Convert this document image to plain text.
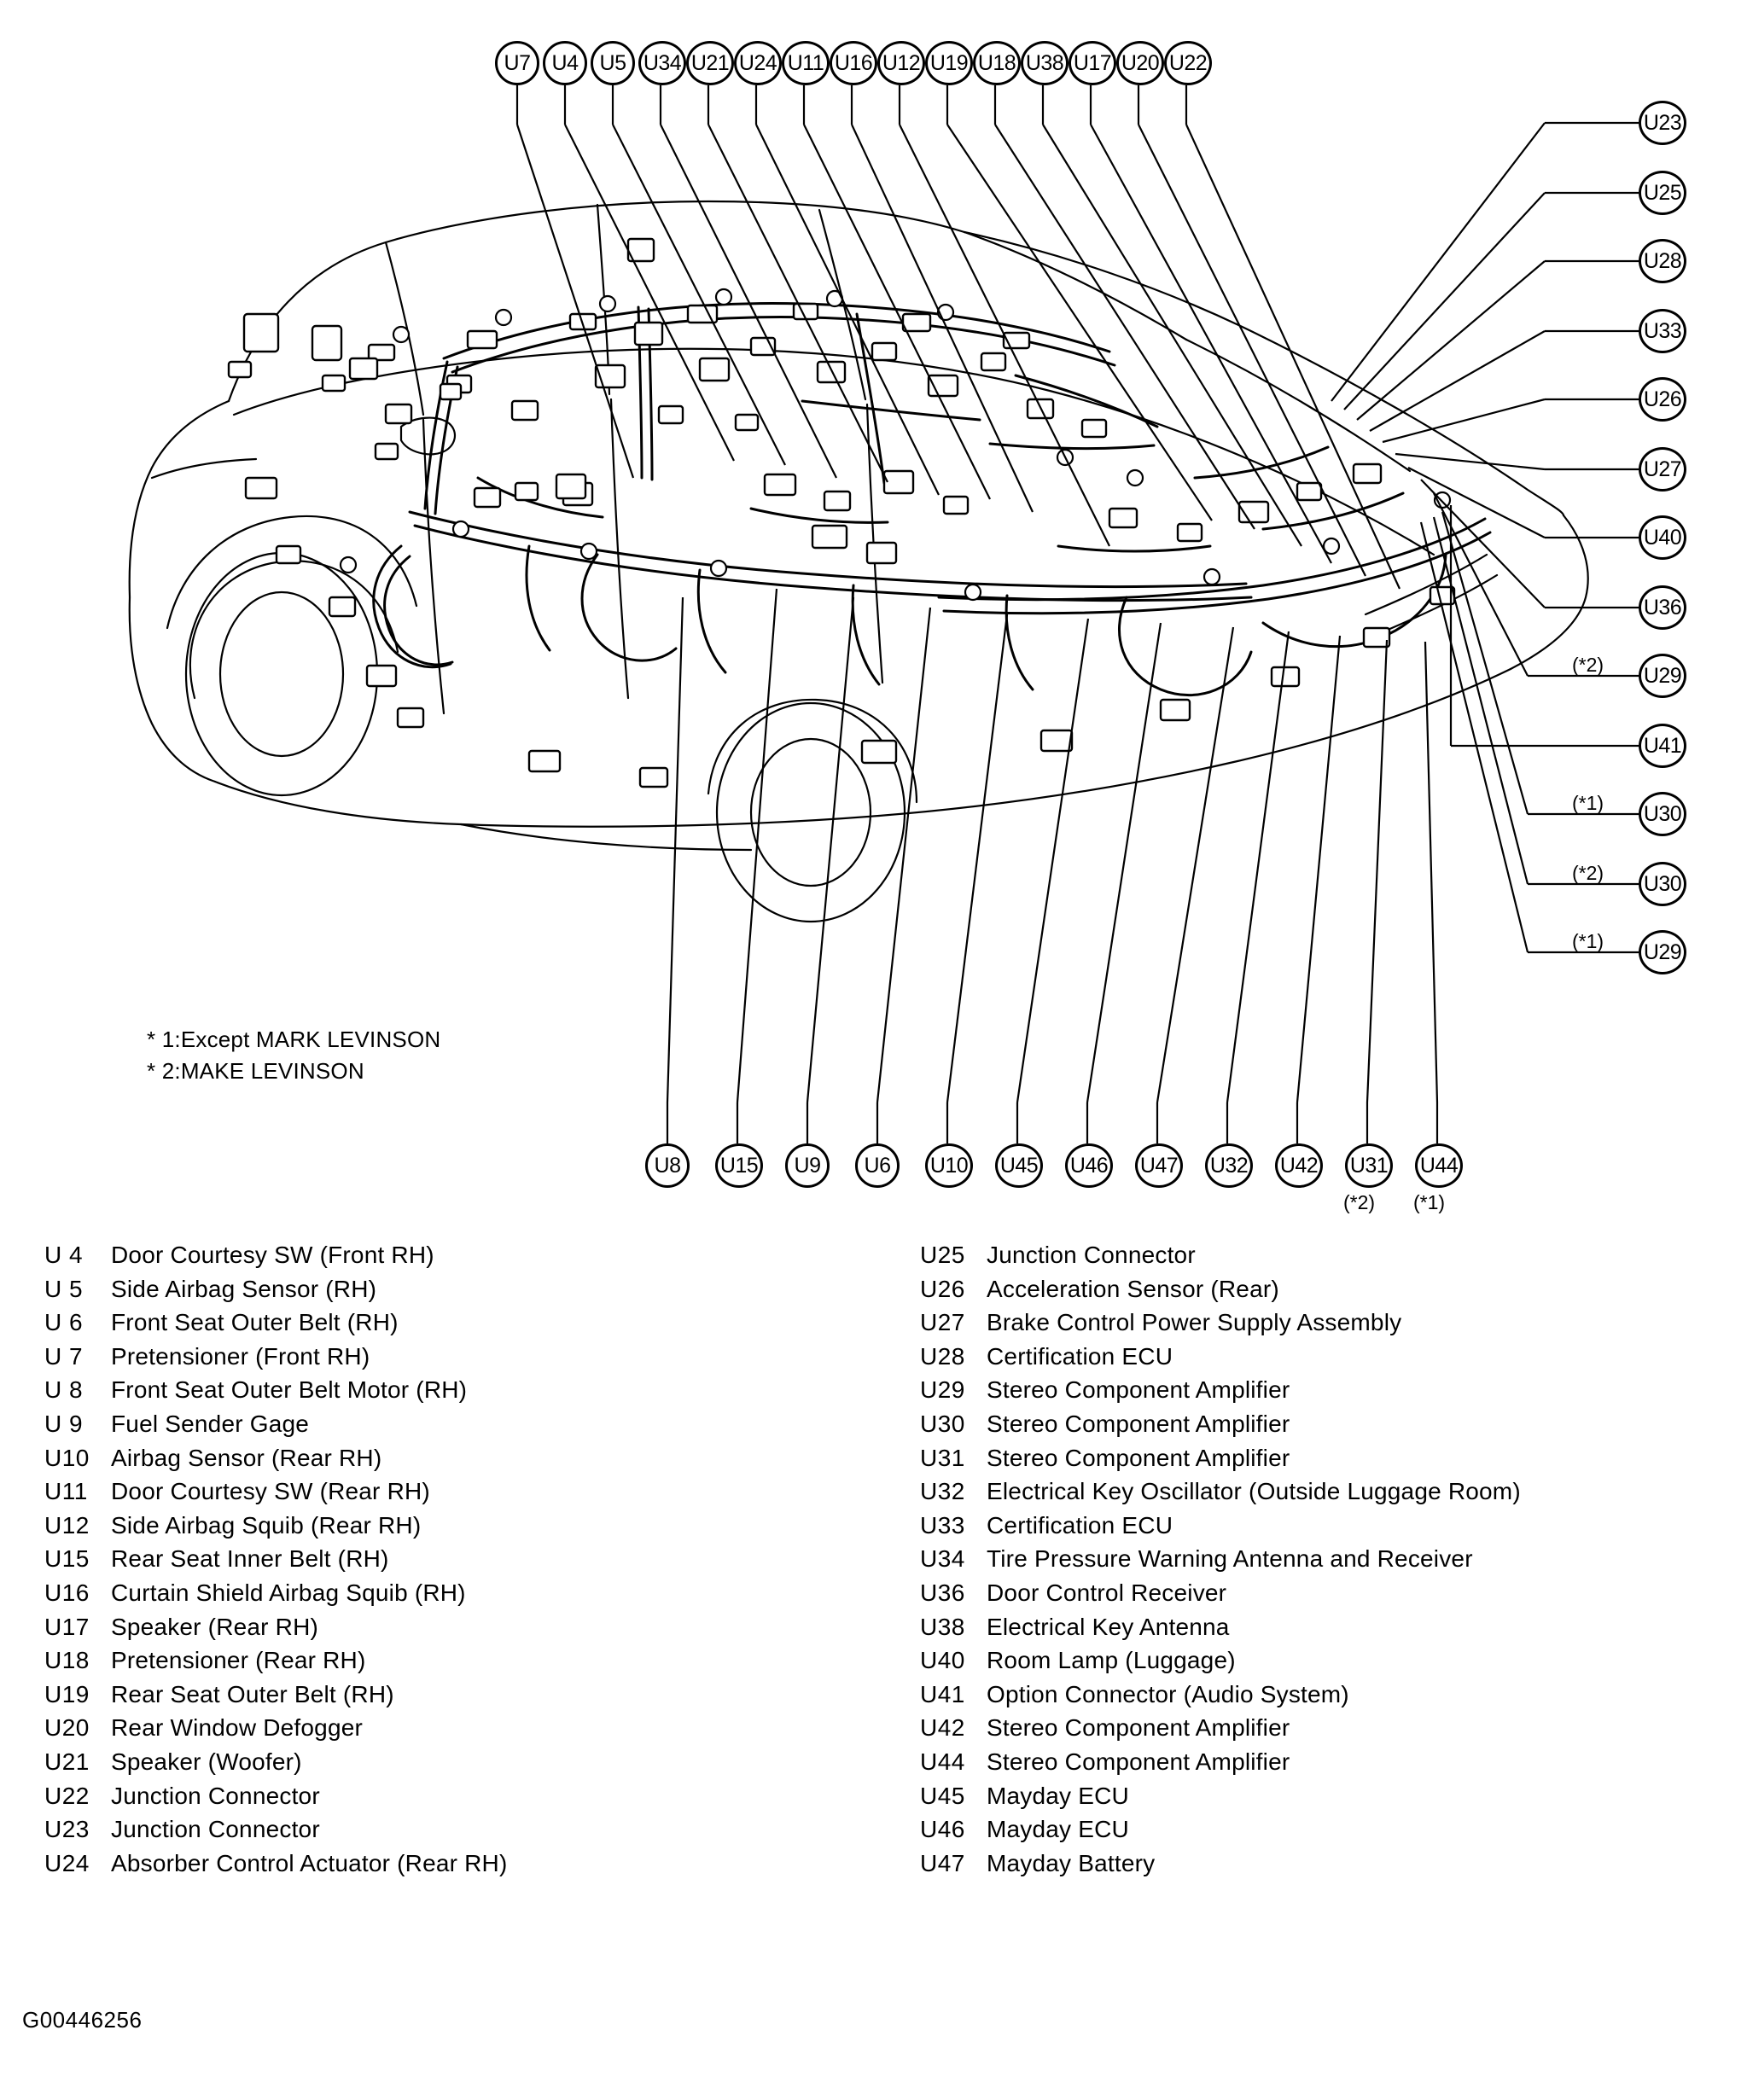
U7	U4	U5 U34 U21 U24 U11 U16 U12 U19 U18 U38 U17 U20 U22
U23
U25
U28
U33
U26
U27
U40
U36
U29
(*2)
U41
U30
(*1)
U30
(*2)
U29
(*1)
U8	U15	U9	U6	U10 U45 U46 U47 U32 U42 U31
(*2)
U44
(*1)
* 1:Except MARK LEVINSON
* 2:MAKE LEVINSON
U 4	Door Courtesy SW (Front RH)
U 5	Side Airbag Sensor (RH)
U 6	Front Seat Outer Belt (RH)
U 7	Pretensioner (Front RH)
U 8	Front Seat Outer Belt Motor (RH)
U 9	Fuel Sender Gage
U10 Airbag Sensor (Rear RH)
U11 Door Courtesy SW (Rear RH)
U12 Side Airbag Squib (Rear RH)
U15 Rear Seat Inner Belt (RH)
U16 Curtain Shield Airbag Squib (RH)
U17 Speaker (Rear RH)
U18 Pretensioner (Rear RH)
U19 Rear Seat Outer Belt (RH)
U20 Rear Window Defogger
U21 Speaker (Woofer)
U22 Junction Connector
U23 Junction Connector
U24 Absorber Control Actuator (Rear RH)
U25 Junction Connector
U26 Acceleration Sensor (Rear)
U27 Brake Control Power Supply Assembly
U28 Certification ECU
U29 Stereo Component Amplifier
U30 Stereo Component Amplifier
U31 Stereo Component Amplifier
U32 Electrical Key Oscillator (Outside Luggage Room)
U33 Certification ECU
U34 Tire Pressure Warning Antenna and Receiver
U36 Door Control Receiver
U38 Electrical Key Antenna
U40 Room Lamp (Luggage)
U41 Option Connector (Audio System)
U42 Stereo Component Amplifier
U44 Stereo Component Amplifier
U45 Mayday ECU
U46 Mayday ECU
U47 Mayday Battery
G00446256
